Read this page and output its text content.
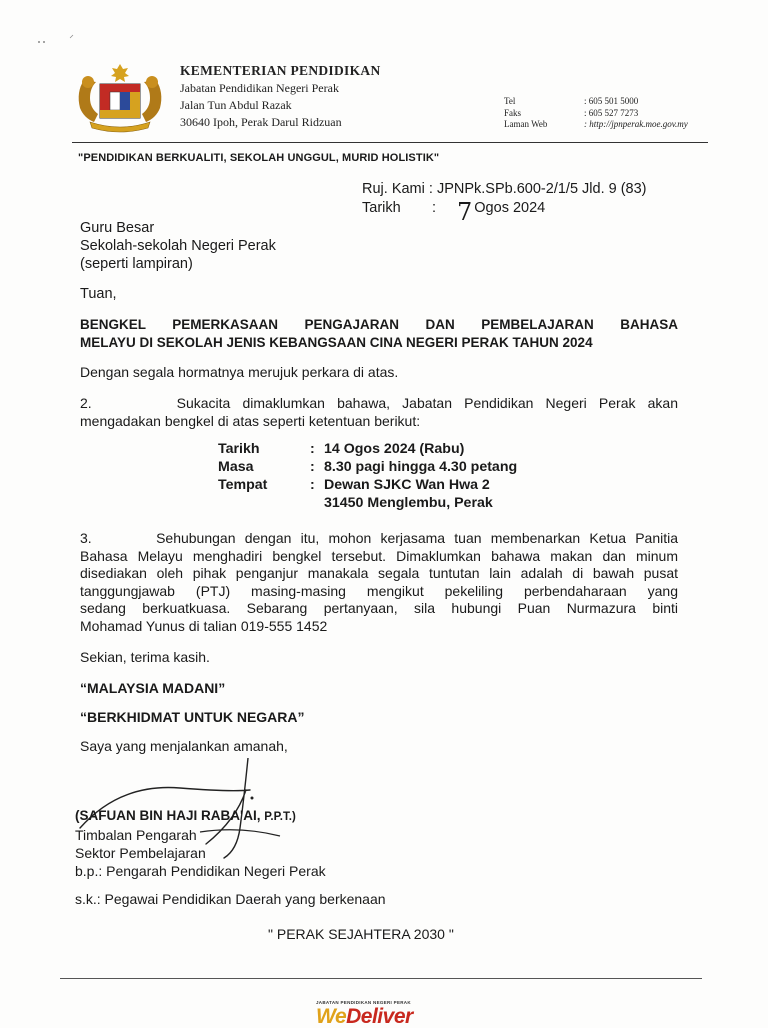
KEMENTERIAN PENDIDIKAN
Jabatan Pendidikan Negeri Perak
Jalan Tun Abdul Razak
30640 Ipoh, Perak Darul Ridzuan
Tel	: 605 501 5000
Faks	: 605 527 7273
Laman Web	: http://jpnperak.moe.gov.my
"PENDIDIKAN BERKUALITI, SEKOLAH UNGGUL, MURID HOLISTIK"
Ruj. Kami :
JPNPk.SPb.600-2/1/5 Jld. 9 (83)
Tarikh	: 7 Ogos 2024
Guru Besar
Sekolah-sekolah Negeri Perak
(seperti lampiran)
Tuan,
BENGKEL PEMERKASAAN PENGAJARAN DAN PEMBELAJARAN BAHASA
MELAYU DI SEKOLAH JENIS KEBANGSAAN CINA NEGERI PERAK TAHUN 2024
Dengan segala hormatnya merujuk perkara di atas.
2.       Sukacita dimaklumkan bahawa, Jabatan Pendidikan Negeri Perak akan
mengadakan bengkel di atas seperti ketentuan berikut:
Tarikh	: 14 Ogos 2024 (Rabu)
Masa	: 8.30 pagi hingga 4.30 petang
Tempat	: Dewan SJKC Wan Hwa 2
31450 Menglembu, Perak
3.       Sehubungan dengan itu, mohon kerjasama tuan membenarkan Ketua Panitia
Bahasa Melayu menghadiri bengkel tersebut. Dimaklumkan bahawa makan dan minum
disediakan oleh pihak penganjur manakala segala tuntutan lain adalah di bawah pusat
tanggungjawab (PTJ) masing-masing mengikut pekeliling perbendaharaan yang
sedang berkuatkuasa. Sebarang pertanyaan, sila hubungi Puan Nurmazura binti
Mohamad Yunus di talian 019-555 1452
Sekian, terima kasih.
“MALAYSIA MADANI”
“BERKHIDMAT UNTUK NEGARA”
Saya yang menjalankan amanah,
(SAFUAN BIN HAJI RABA'AI, P.P.T.)
Timbalan Pengarah
Sektor Pembelajaran
b.p.: Pengarah Pendidikan Negeri Perak
s.k.: Pegawai Pendidikan Daerah yang berkenaan
" PERAK SEJAHTERA 2030 "
JABATAN PENDIDIKAN NEGERI PERAK
WeDeliver
